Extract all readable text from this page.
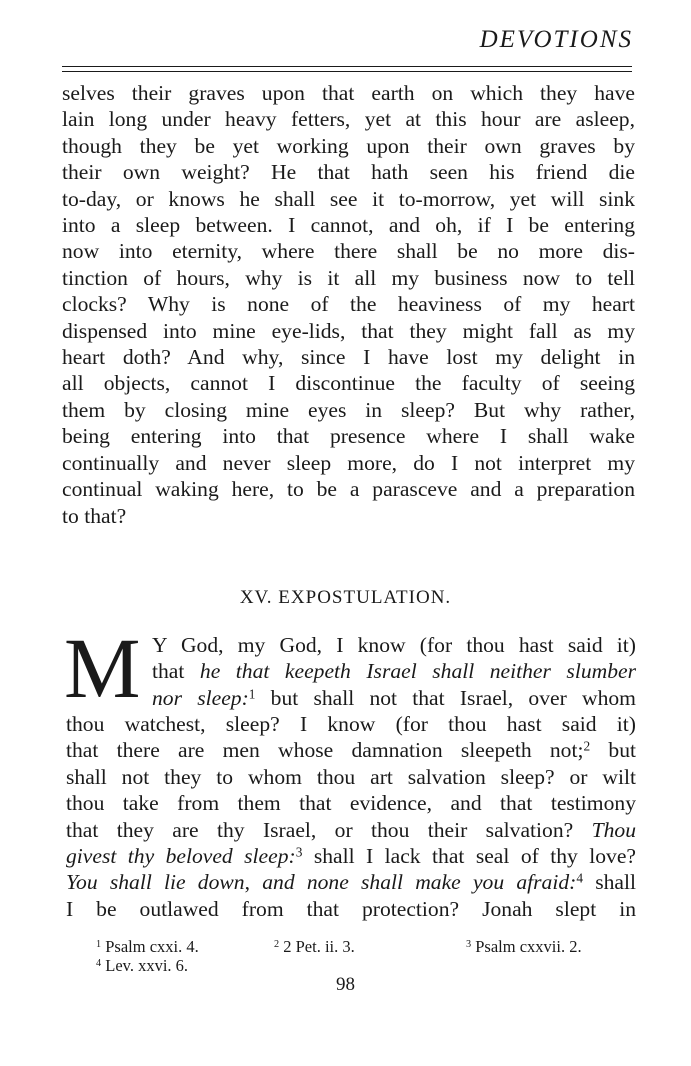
DEVOTIONS
selves their graves upon that earth on which they have
lain long under heavy fetters, yet at this hour are asleep,
though they be yet working upon their own graves by
their own weight? He that hath seen his friend die
to-day, or knows he shall see it to-morrow, yet will sink
into a sleep between. I cannot, and oh, if I be entering
now into eternity, where there shall be no more dis-
tinction of hours, why is it all my business now to tell
clocks? Why is none of the heaviness of my heart
dispensed into mine eye-lids, that they might fall as my
heart doth? And why, since I have lost my delight in
all objects, cannot I discontinue the faculty of seeing
them by closing mine eyes in sleep? But why rather,
being entering into that presence where I shall wake
continually and never sleep more, do I not interpret my
continual waking here, to be a parasceve and a preparation
to that?
XV. EXPOSTULATION.
M Y God, my God, I know (for thou hast said it)
that he that keepeth Israel shall neither slumber
nor sleep:$^1$ but shall not that Israel, over whom
thou watchest, sleep? I know (for thou hast said it)
that there are men whose damnation sleepeth not;$^2$ but
shall not they to whom thou art salvation sleep? or wilt
thou take from them that evidence, and that testimony
that they are thy Israel, or thou their salvation? Thou
givest thy beloved sleep:$^3$ shall I lack that seal of thy love?
You shall lie down, and none shall make you afraid:$^4$ shall
I be outlawed from that protection? Jonah slept in
$^1$ Psalm cxxi. 4.	$^2$ 2 Pet. ii. 3.	$^3$ Psalm cxxvii. 2.
$^4$ Lev. xxvi. 6.
98
